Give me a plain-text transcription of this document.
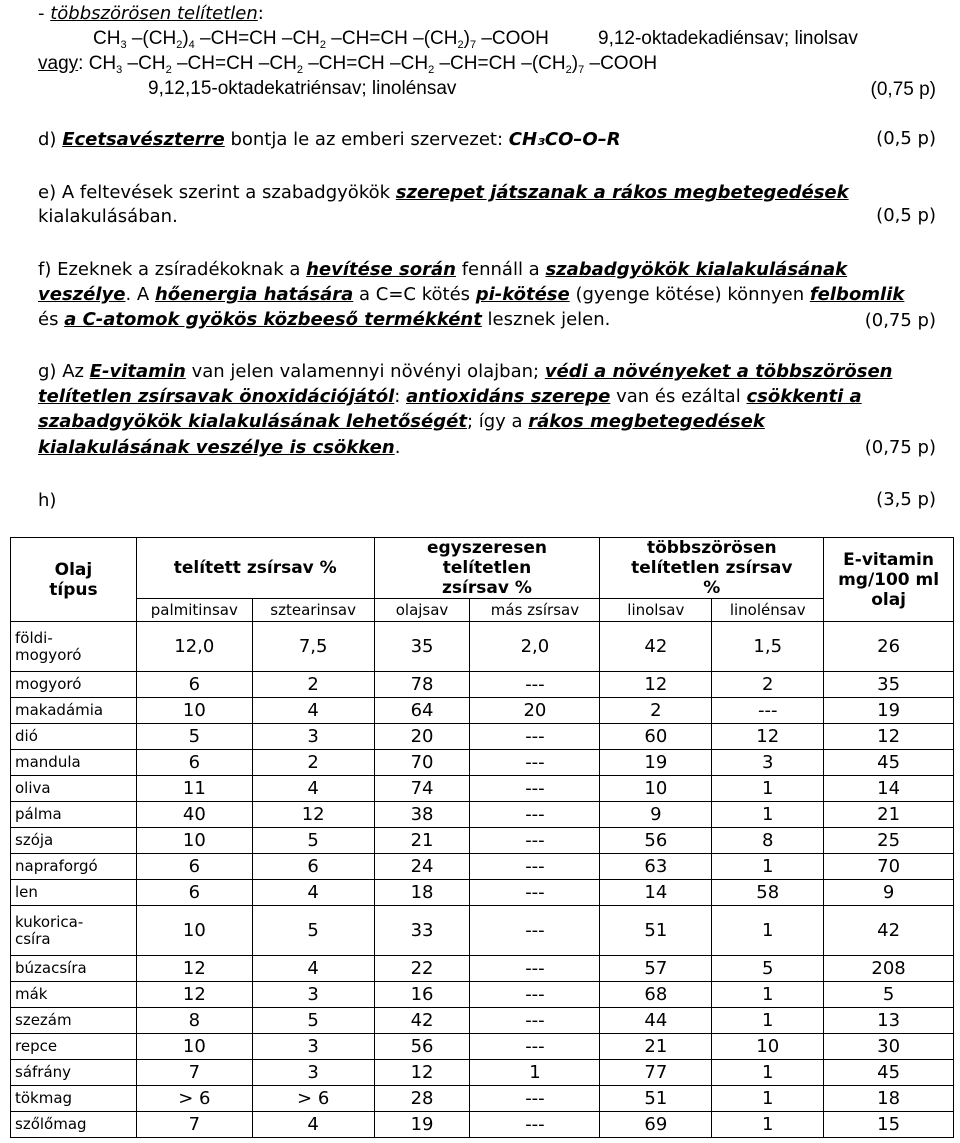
- többszörösen telítetlen:
$CH_3$ $-(CH_2)_4$ –CH=CH $-CH_2$ –CH=CH $-(CH_2)_7$ –COOH	9,12-oktadekadiénsav; linolsav
vagy: $CH_3$ $-CH_2$ –CH=CH $-CH_2$ –CH=CH $-CH_2$ –CH=CH $-(CH_2)_7$ –COOH
9,12,15-oktadekatriénsav; linolénsav	(0,75 p)
d) Ecetsavészterre bontja le az emberi szervezet: CH₃CO–O–R	(0,5 p)
e) A feltevések szerint a szabadgyökök szerepet játszanak a rákos megbetegedések
kialakulásában.	(0,5 p)
f) Ezeknek a zsíradékoknak a hevítése során fennáll a szabadgyökök kialakulásának
veszélye. A hőenergia hatására a C=C kötés pi-kötése (gyenge kötése) könnyen felbomlik
és a C-atomok gyökös közbeeső termékként lesznek jelen.	(0,75 p)
g) Az E-vitamin van jelen valamennyi növényi olajban; védi a növényeket a többszörösen
telítetlen zsírsavak önoxidációjától: antioxidáns szerepe van és ezáltal csökkenti a
szabadgyökök kialakulásának lehetőségét; így a rákos megbetegedések
kialakulásának veszélye is csökken.	(0,75 p)
h)	(3,5 p)
Olaj típus	telített zsírsav %		egyszeresen telítetlen zsírsav %		többszörösen telítetlen zsírsav %		E-vitamin mg/100 ml olaj
	palmitinsav	sztearinsav	olajsav	más zsírsav	linolsav	linolénsav	
földi-
mogyoró	12,0	7,5	35	2,0	42	1,5	26
mogyoró	6	2	78	---	12	2	35
makadámia	10	4	64	20	2	---	19
dió	5	3	20	---	60	12	12
mandula	6	2	70	---	19	3	45
oliva	11	4	74	---	10	1	14
pálma	40	12	38	---	9	1	21
szója	10	5	21	---	56	8	25
napraforgó	6	6	24	---	63	1	70
len	6	4	18	---	14	58	9
kukorica-
csíra	10	5	33	---	51	1	42
búzacsíra	12	4	22	---	57	5	208
mák	12	3	16	---	68	1	5
szezám	8	5	42	---	44	1	13
repce	10	3	56	---	21	10	30
sáfrány	7	3	12	1	77	1	45
tökmag	> 6	> 6	28	---	51	1	18
szőlőmag	7	4	19	---	69	1	15
